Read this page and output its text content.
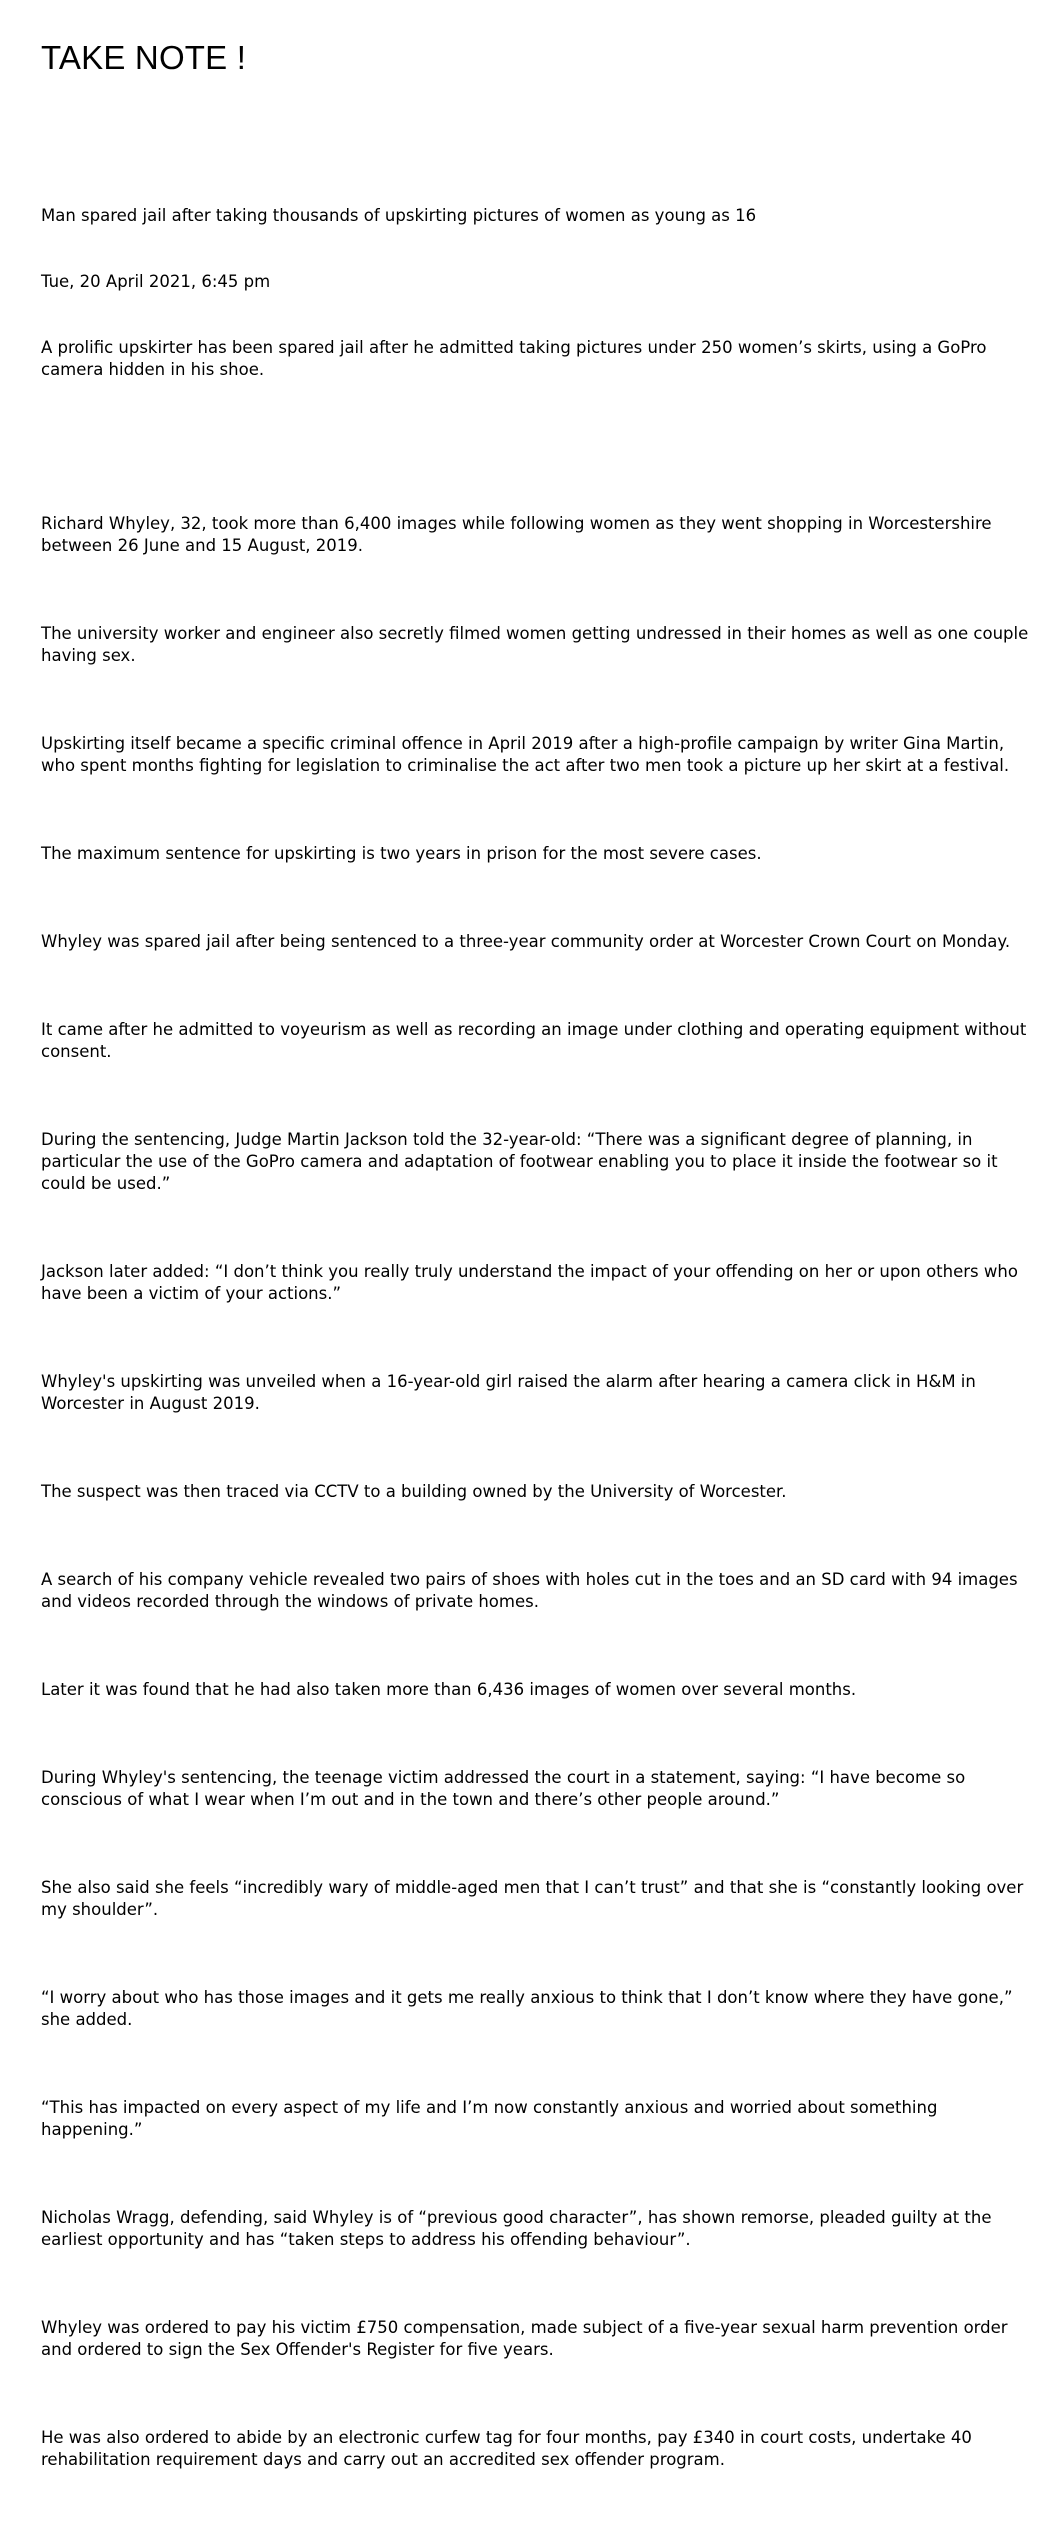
TAKE NOTE !

Man spared jail after taking thousands of upskirting pictures of women as young as 16

Tue, 20 April 2021, 6:45 pm

A prolific upskirter has been spared jail after he admitted taking pictures under 250 women’s skirts, using a GoPro camera hidden in his shoe.

Richard Whyley, 32, took more than 6,400 images while following women as they went shopping in Worcestershire between 26 June and 15 August, 2019.

The university worker and engineer also secretly filmed women getting undressed in their homes as well as one couple having sex.

Upskirting itself became a specific criminal offence in April 2019 after a high-profile campaign by writer Gina Martin, who spent months fighting for legislation to criminalise the act after two men took a picture up her skirt at a festival.

The maximum sentence for upskirting is two years in prison for the most severe cases.

Whyley was spared jail after being sentenced to a three-year community order at Worcester Crown Court on Monday.

It came after he admitted to voyeurism as well as recording an image under clothing and operating equipment without consent.

During the sentencing, Judge Martin Jackson told the 32-year-old: “There was a significant degree of planning, in particular the use of the GoPro camera and adaptation of footwear enabling you to place it inside the footwear so it could be used.”

Jackson later added: “I don’t think you really truly understand the impact of your offending on her or upon others who have been a victim of your actions.”

Whyley's upskirting was unveiled when a 16-year-old girl raised the alarm after hearing a camera click in H&M in Worcester in August 2019.

The suspect was then traced via CCTV to a building owned by the University of Worcester.

A search of his company vehicle revealed two pairs of shoes with holes cut in the toes and an SD card with 94 images and videos recorded through the windows of private homes.

Later it was found that he had also taken more than 6,436 images of women over several months.

During Whyley's sentencing, the teenage victim addressed the court in a statement, saying: “I have become so conscious of what I wear when I’m out and in the town and there’s other people around.”

She also said she feels “incredibly wary of middle-aged men that I can’t trust” and that she is “constantly looking over my shoulder”.

“I worry about who has those images and it gets me really anxious to think that I don’t know where they have gone,” she added.

“This has impacted on every aspect of my life and I’m now constantly anxious and worried about something happening.”

Nicholas Wragg, defending, said Whyley is of “previous good character”, has shown remorse, pleaded guilty at the earliest opportunity and has “taken steps to address his offending behaviour”.

Whyley was ordered to pay his victim £750 compensation, made subject of a five-year sexual harm prevention order and ordered to sign the Sex Offender's Register for five years.

He was also ordered to abide by an electronic curfew tag for four months, pay £340 in court costs, undertake 40 rehabilitation requirement days and carry out an accredited sex offender program.
